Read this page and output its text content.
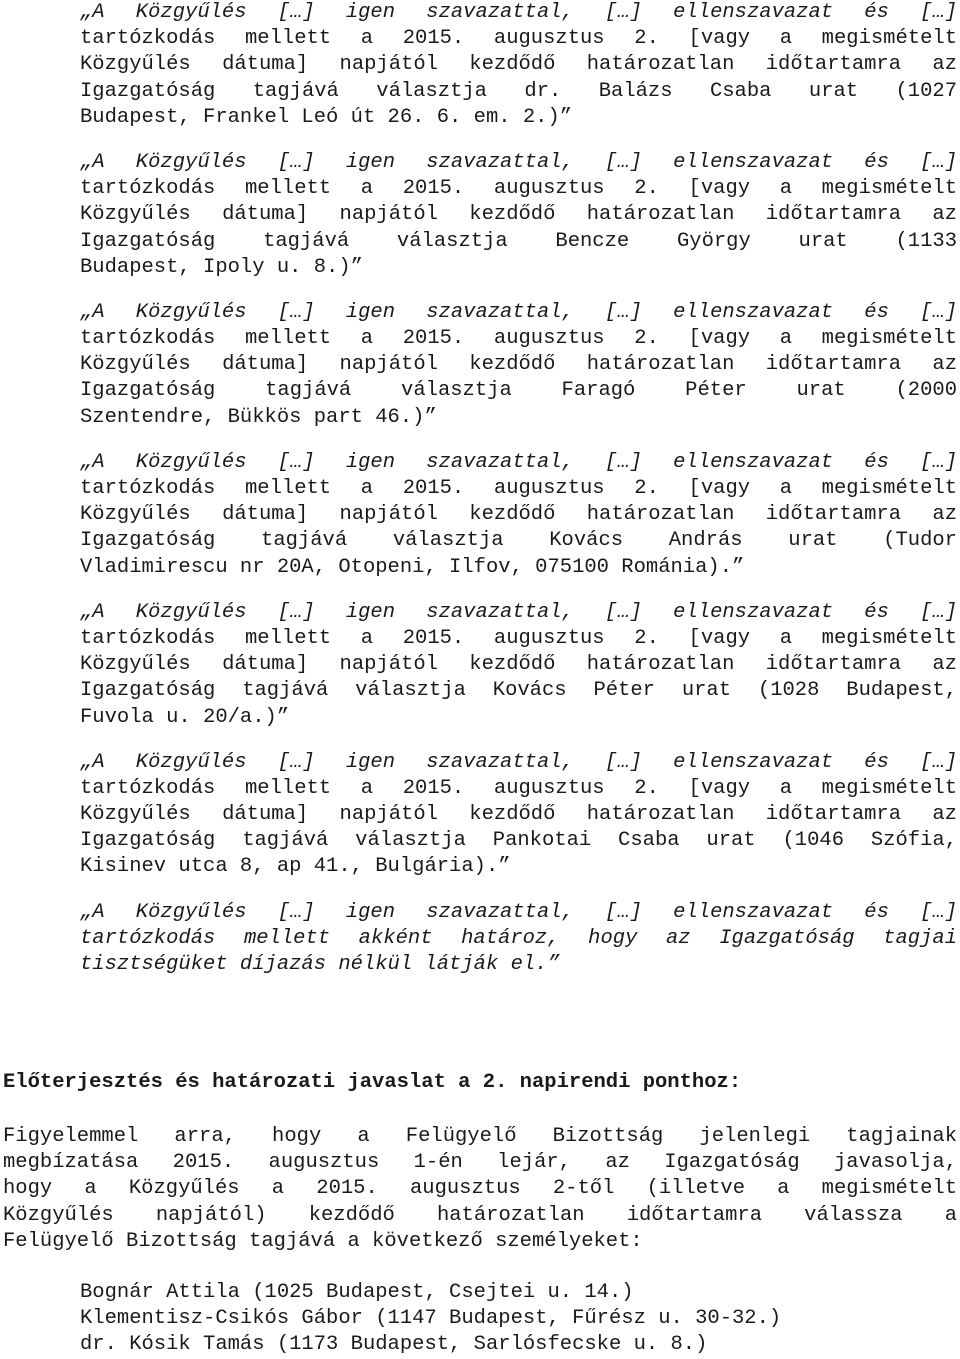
„A Közgyűlés […] igen szavazattal, […] ellenszavazat és […]
tartózkodás mellett a 2015. augusztus 2. [vagy a megismételt
Közgyűlés dátuma] napjától kezdődő határozatlan időtartamra az
Igazgatóság tagjává választja dr. Balázs Csaba urat (1027
Budapest, Frankel Leó út 26. 6. em. 2.)”
„A Közgyűlés […] igen szavazattal, […] ellenszavazat és […]
tartózkodás mellett a 2015. augusztus 2. [vagy a megismételt
Közgyűlés dátuma] napjától kezdődő határozatlan időtartamra az
Igazgatóság tagjává választja Bencze György urat (1133
Budapest, Ipoly u. 8.)”
„A Közgyűlés […] igen szavazattal, […] ellenszavazat és […]
tartózkodás mellett a 2015. augusztus 2. [vagy a megismételt
Közgyűlés dátuma] napjától kezdődő határozatlan időtartamra az
Igazgatóság tagjává választja Faragó Péter urat (2000
Szentendre, Bükkös part 46.)”
„A Közgyűlés […] igen szavazattal, […] ellenszavazat és […]
tartózkodás mellett a 2015. augusztus 2. [vagy a megismételt
Közgyűlés dátuma] napjától kezdődő határozatlan időtartamra az
Igazgatóság tagjává választja Kovács András urat (Tudor
Vladimirescu nr 20A, Otopeni, Ilfov, 075100 Románia).”
„A Közgyűlés […] igen szavazattal, […] ellenszavazat és […]
tartózkodás mellett a 2015. augusztus 2. [vagy a megismételt
Közgyűlés dátuma] napjától kezdődő határozatlan időtartamra az
Igazgatóság tagjává választja Kovács Péter urat (1028 Budapest,
Fuvola u. 20/a.)”
„A Közgyűlés […] igen szavazattal, […] ellenszavazat és […]
tartózkodás mellett a 2015. augusztus 2. [vagy a megismételt
Közgyűlés dátuma] napjától kezdődő határozatlan időtartamra az
Igazgatóság tagjává választja Pankotai Csaba urat (1046 Szófia,
Kisinev utca 8, ap 41., Bulgária).”
„A Közgyűlés […] igen szavazattal, […] ellenszavazat és […]
tartózkodás mellett akként határoz, hogy az Igazgatóság tagjai
tisztségüket díjazás nélkül látják el.”
Előterjesztés és határozati javaslat a 2. napirendi ponthoz:
Figyelemmel arra, hogy a Felügyelő Bizottság jelenlegi tagjainak
megbízatása 2015. augusztus 1-én lejár, az Igazgatóság javasolja,
hogy a Közgyűlés a 2015. augusztus 2-től (illetve a megismételt
Közgyűlés napjától) kezdődő határozatlan időtartamra válassza a
Felügyelő Bizottság tagjává a következő személyeket:
Bognár Attila (1025 Budapest, Csejtei u. 14.)
Klementisz-Csikós Gábor (1147 Budapest, Fűrész u. 30-32.)
dr. Kósik Tamás (1173 Budapest, Sarlósfecske u. 8.)
